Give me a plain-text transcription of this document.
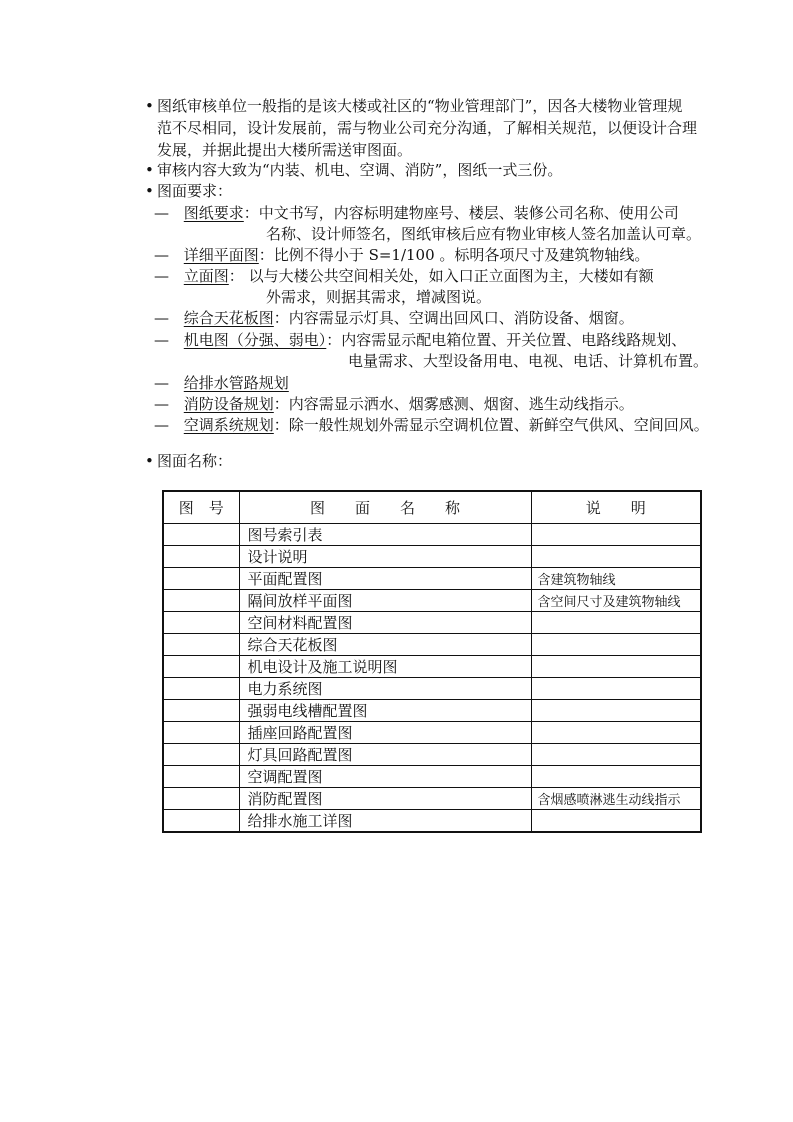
• 图纸审核单位一般指的是该大楼或社区的“物业管理部门”，因各大楼物业管理规
范不尽相同，设计发展前，需与物业公司充分沟通，了解相关规范，以便设计合理
发展，并据此提出大楼所需送审图面。
• 审核内容大致为“内装、机电、空调、消防”，图纸一式三份。
• 图面要求：
— 图纸要求：中文书写，内容标明建物座号、楼层、装修公司名称、使用公司
名称、设计师签名，图纸审核后应有物业审核人签名加盖认可章。
— 详细平面图：比例不得小于 S=1/100 。标明各项尺寸及建筑物轴线。
— 立面图： 以与大楼公共空间相关处，如入口正立面图为主，大楼如有额
外需求，则据其需求，增减图说。
— 综合天花板图：内容需显示灯具、空调出回风口、消防设备、烟窗。
— 机电图（分强、弱电）：内容需显示配电箱位置、开关位置、电路线路规划、
电量需求、大型设备用电、电视、电话、计算机布置。
— 给排水管路规划
— 消防设备规划：内容需显示洒水、烟雾感测、烟窗、逃生动线指示。
— 空调系统规划：除一般性规划外需显示空调机位置、新鲜空气供风、空间回风。
• 图面名称：
图　号	图　　面　　名　　称	说　　明
	图号索引表	
	设计说明	
	平面配置图	含建筑物轴线
	隔间放样平面图	含空间尺寸及建筑物轴线
	空间材料配置图	
	综合天花板图	
	机电设计及施工说明图	
	电力系统图	
	强弱电线槽配置图	
	插座回路配置图	
	灯具回路配置图	
	空调配置图	
	消防配置图	含烟感喷淋逃生动线指示
	给排水施工详图	
